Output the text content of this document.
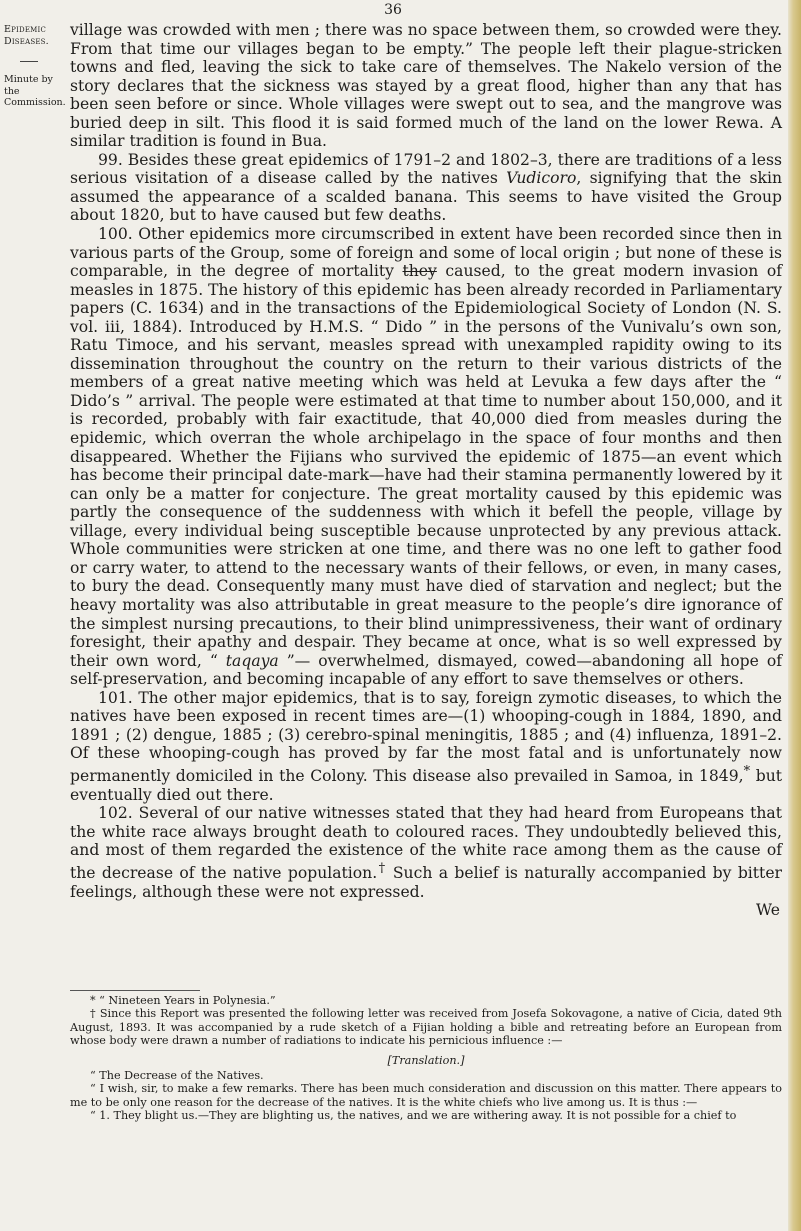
36
Epidemic
Diseases.
Minute by the
Commission.

village was crowded with men ; there was no space between them, so crowded were they. From that time our villages began to be empty.” The people left their plague-stricken towns and fled, leaving the sick to take care of themselves. The Nakelo version of the story declares that the sickness was stayed by a great flood, higher than any that has been seen before or since. Whole villages were swept out to sea, and the mangrove was buried deep in silt. This flood it is said formed much of the land on the lower Rewa. A similar tradition is found in Bua.

99. Besides these great epidemics of 1791–2 and 1802–3, there are traditions of a less serious visitation of a disease called by the natives Vudicoro, signifying that the skin assumed the appearance of a scalded banana. This seems to have visited the Group about 1820, but to have caused but few deaths.

100. Other epidemics more circumscribed in extent have been recorded since then in various parts of the Group, some of foreign and some of local origin ; but none of these is comparable, in the degree of mortality they caused, to the great modern invasion of measles in 1875. The history of this epidemic has been already recorded in Parliamentary papers (C. 1634) and in the transactions of the Epidemiological Society of London (N. S. vol. iii, 1884). Introduced by H.M.S. “ Dido ” in the persons of the Vunivalu’s own son, Ratu Timoce, and his servant, measles spread with unexampled rapidity owing to its dissemination throughout the country on the return to their various districts of the members of a great native meeting which was held at Levuka a few days after the “ Dido’s ” arrival. The people were estimated at that time to number about 150,000, and it is recorded, probably with fair exactitude, that 40,000 died from measles during the epidemic, which overran the whole archipelago in the space of four months and then disappeared. Whether the Fijians who survived the epidemic of 1875—an event which has become their principal date-mark—have had their stamina permanently lowered by it can only be a matter for conjecture. The great mortality caused by this epidemic was partly the consequence of the suddenness with which it befell the people, village by village, every individual being susceptible because unprotected by any previous attack. Whole communities were stricken at one time, and there was no one left to gather food or carry water, to attend to the necessary wants of their fellows, or even, in many cases, to bury the dead. Consequently many must have died of starvation and neglect; but the heavy mortality was also attributable in great measure to the people’s dire ignorance of the simplest nursing precautions, to their blind unimpressiveness, their want of ordinary foresight, their apathy and despair. They became at once, what is so well expressed by their own word, “ taqaya ”— overwhelmed, dismayed, cowed—abandoning all hope of self-preservation, and becoming incapable of any effort to save themselves or others.

101. The other major epidemics, that is to say, foreign zymotic diseases, to which the natives have been exposed in recent times are—(1) whooping-cough in 1884, 1890, and 1891 ; (2) dengue, 1885 ; (3) cerebro-spinal meningitis, 1885 ; and (4) influenza, 1891–2. Of these whooping-cough has proved by far the most fatal and is unfortunately now permanently domiciled in the Colony. This disease also prevailed in Samoa, in 1849,* but eventually died out there.

102. Several of our native witnesses stated that they had heard from Europeans that the white race always brought death to coloured races. They undoubtedly believed this, and most of them regarded the existence of the white race among them as the cause of the decrease of the native population.† Such a belief is naturally accompanied by bitter feelings, although these were not expressed.

We

* “ Nineteen Years in Polynesia.”

† Since this Report was presented the following letter was received from Josefa Sokovagone, a native of Cicia, dated 9th August, 1893. It was accompanied by a rude sketch of a Fijian holding a bible and retreating before an European from whose body were drawn a number of radiations to indicate his pernicious influence :—

[Translation.]

“ The Decrease of the Natives.

“ I wish, sir, to make a few remarks. There has been much consideration and discussion on this matter. There appears to me to be only one reason for the decrease of the natives. It is the white chiefs who live among us. It is thus :—

“ 1. They blight us.—They are blighting us, the natives, and we are withering away. It is not possible for a chief to
